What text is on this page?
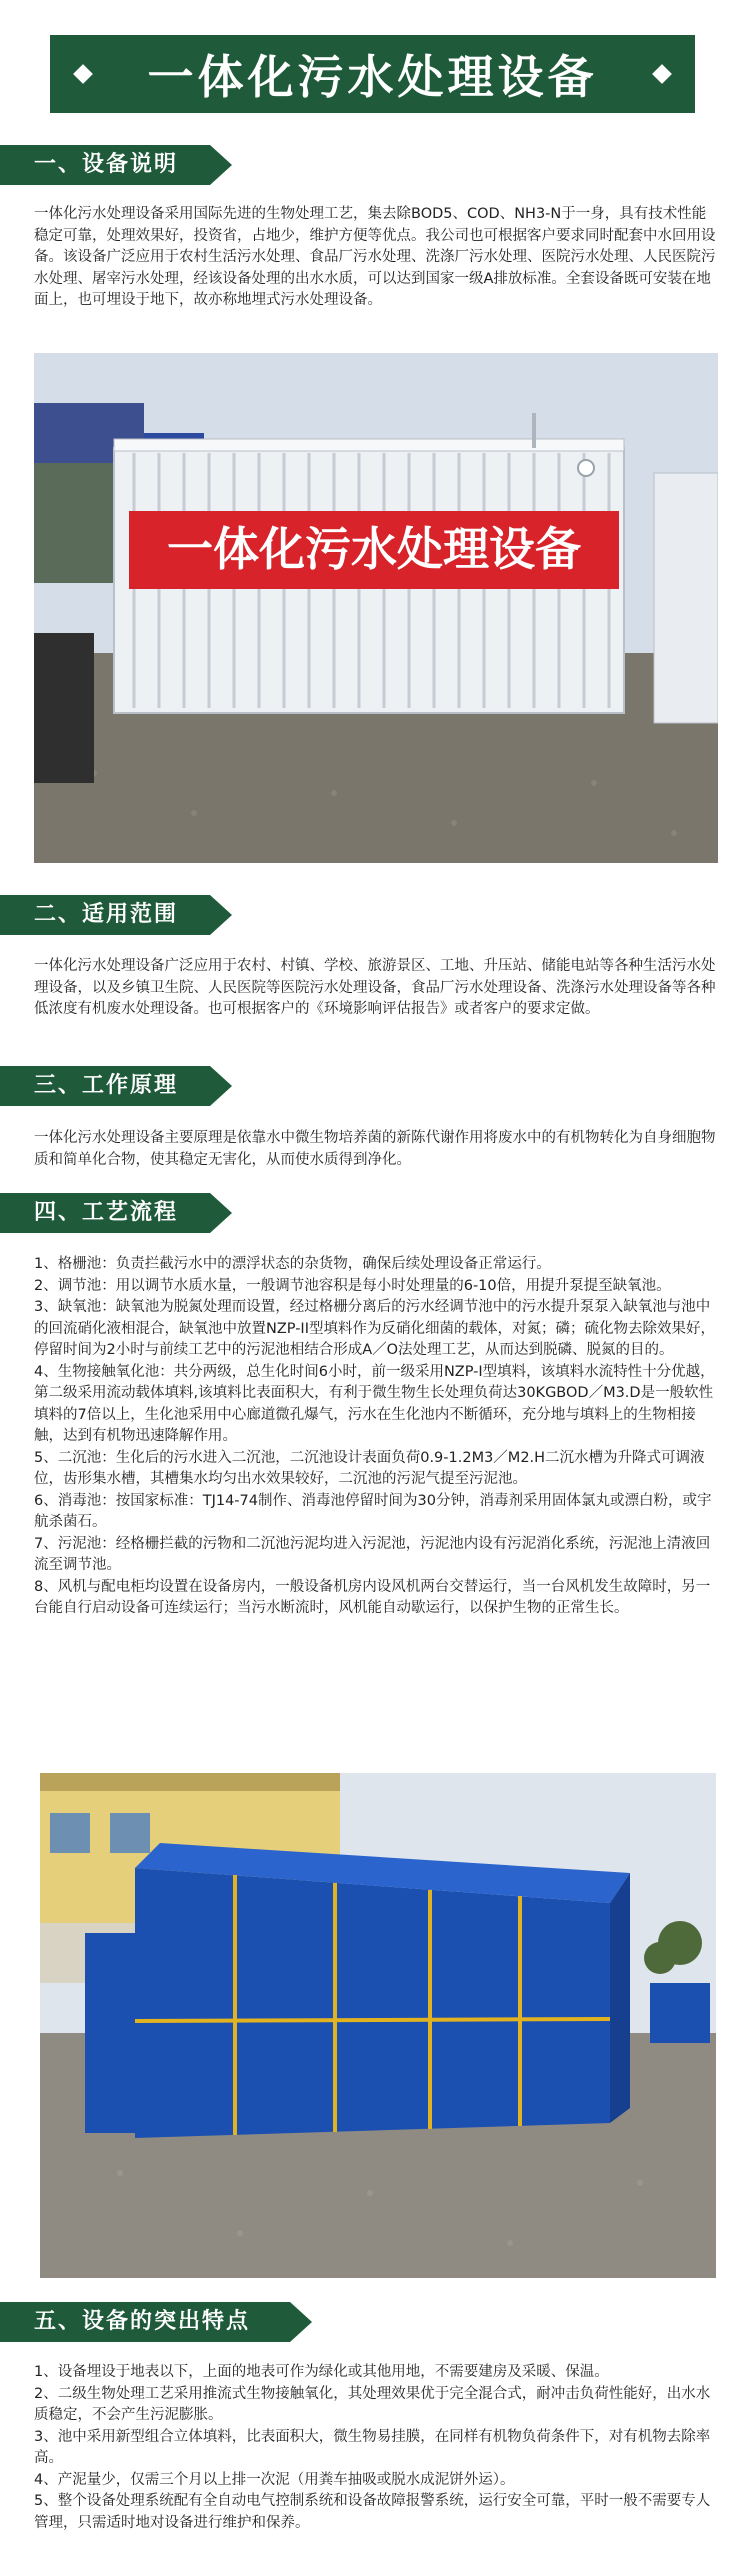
一体化污水处理设备
一、设备说明
一体化污水处理设备采用国际先进的生物处理工艺，集去除BOD5、COD、NH3-N于一身，具有技术性能稳定可靠，处理效果好，投资省，占地少，维护方便等优点。我公司也可根据客户要求同时配套中水回用设备。该设备广泛应用于农村生活污水处理、食品厂污水处理、洗涤厂污水处理、医院污水处理、人民医院污水处理、屠宰污水处理，经该设备处理的出水水质，可以达到国家一级A排放标准。全套设备既可安装在地面上，也可埋设于地下，故亦称地埋式污水处理设备。
一体化污水处理设备
二、适用范围
一体化污水处理设备广泛应用于农村、村镇、学校、旅游景区、工地、升压站、储能电站等各种生活污水处理设备，以及乡镇卫生院、人民医院等医院污水处理设备，食品厂污水处理设备、洗涤污水处理设备等各种低浓度有机废水处理设备。也可根据客户的《环境影响评估报告》或者客户的要求定做。
三、工作原理
一体化污水处理设备主要原理是依靠水中微生物培养菌的新陈代谢作用将废水中的有机物转化为自身细胞物质和简单化合物，使其稳定无害化，从而使水质得到净化。
四、工艺流程
1、格栅池：负责拦截污水中的漂浮状态的杂货物，确保后续处理设备正常运行。
2、调节池：用以调节水质水量，一般调节池容积是每小时处理量的6-10倍，用提升泵提至缺氧池。
3、缺氧池：缺氧池为脱氮处理而设置，经过格栅分离后的污水经调节池中的污水提升泵泵入缺氧池与池中的回流硝化液相混合，缺氧池中放置NZP-II型填料作为反硝化细菌的载体，对氮；磷；硫化物去除效果好，停留时间为2小时与前续工艺中的污泥池相结合形成A／O法处理工艺，从而达到脱磷、脱氮的目的。
4、生物接触氧化池：共分两级，总生化时间6小时，前一级采用NZP-I型填料，该填料水流特性十分优越，第二级采用流动载体填料,该填料比表面积大，有利于微生物生长处理负荷达30KGBOD／M3.D是一般软性填料的7倍以上，生化池采用中心廊道微孔爆气，污水在生化池内不断循环，充分地与填料上的生物相接触，达到有机物迅速降解作用。
5、二沉池：生化后的污水进入二沉池，二沉池设计表面负荷0.9-1.2M3／M2.H二沉水槽为升降式可调液位，齿形集水槽，其槽集水均匀出水效果较好，二沉池的污泥气提至污泥池。
6、消毒池：按国家标准：TJ14-74制作、消毒池停留时间为30分钟，消毒剂采用固体氯丸或漂白粉，或宇航杀菌石。
7、污泥池：经格栅拦截的污物和二沉池污泥均进入污泥池，污泥池内设有污泥消化系统，污泥池上清液回流至调节池。
8、风机与配电柜均设置在设备房内，一般设备机房内设风机两台交替运行，当一台风机发生故障时，另一台能自行启动设备可连续运行；当污水断流时，风机能自动歇运行，以保护生物的正常生长。
五、设备的突出特点
1、设备埋设于地表以下，上面的地表可作为绿化或其他用地，不需要建房及采暖、保温。
2、二级生物处理工艺采用推流式生物接触氧化，其处理效果优于完全混合式，耐冲击负荷性能好，出水水质稳定，不会产生污泥膨胀。
3、池中采用新型组合立体填料，比表面积大，微生物易挂膜，在同样有机物负荷条件下，对有机物去除率高。
4、产泥量少，仅需三个月以上排一次泥（用粪车抽吸或脱水成泥饼外运）。
5、整个设备处理系统配有全自动电气控制系统和设备故障报警系统，运行安全可靠，平时一般不需要专人管理，只需适时地对设备进行维护和保养。
